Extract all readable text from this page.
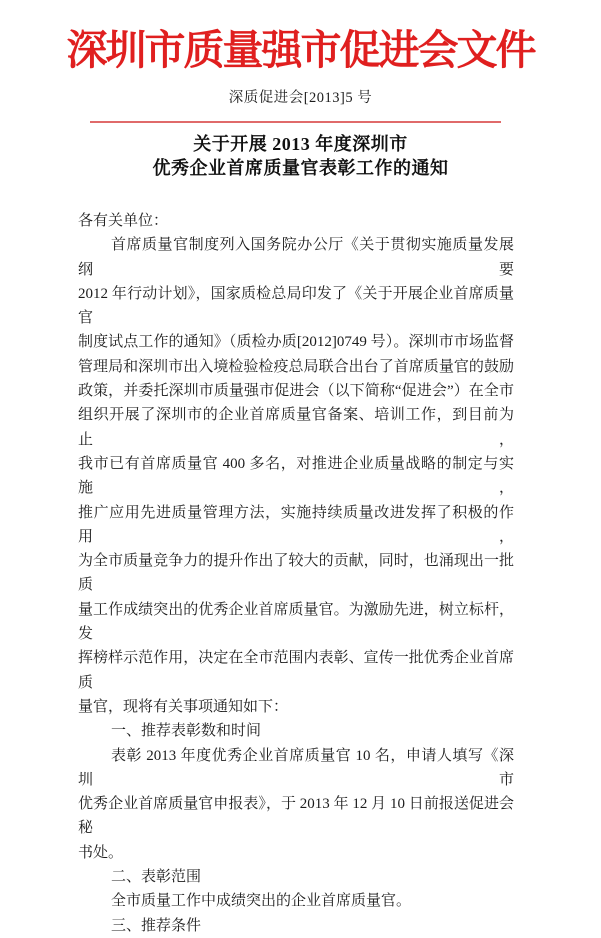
深圳市质量强市促进会文件
深质促进会[2013]5 号
关于开展 2013 年度深圳市
优秀企业首席质量官表彰工作的通知
各有关单位：
首席质量官制度列入国务院办公厅《关于贯彻实施质量发展纲要
2012 年行动计划》，国家质检总局印发了《关于开展企业首席质量官
制度试点工作的通知》（质检办质[2012]0749 号）。深圳市市场监督
管理局和深圳市出入境检验检疫总局联合出台了首席质量官的鼓励
政策，并委托深圳市质量强市促进会（以下简称“促进会”）在全市
组织开展了深圳市的企业首席质量官备案、培训工作，到目前为止，
我市已有首席质量官 400 多名，对推进企业质量战略的制定与实施，
推广应用先进质量管理方法，实施持续质量改进发挥了积极的作用，
为全市质量竞争力的提升作出了较大的贡献，同时，也涌现出一批质
量工作成绩突出的优秀企业首席质量官。为激励先进，树立标杆，发
挥榜样示范作用，决定在全市范围内表彰、宣传一批优秀企业首席质
量官，现将有关事项通知如下：
一、推荐表彰数和时间
表彰 2013 年度优秀企业首席质量官 10 名，申请人填写《深圳市
优秀企业首席质量官申报表》，于 2013 年 12 月 10 日前报送促进会秘
书处。
二、表彰范围
全市质量工作中成绩突出的企业首席质量官。
三、推荐条件
